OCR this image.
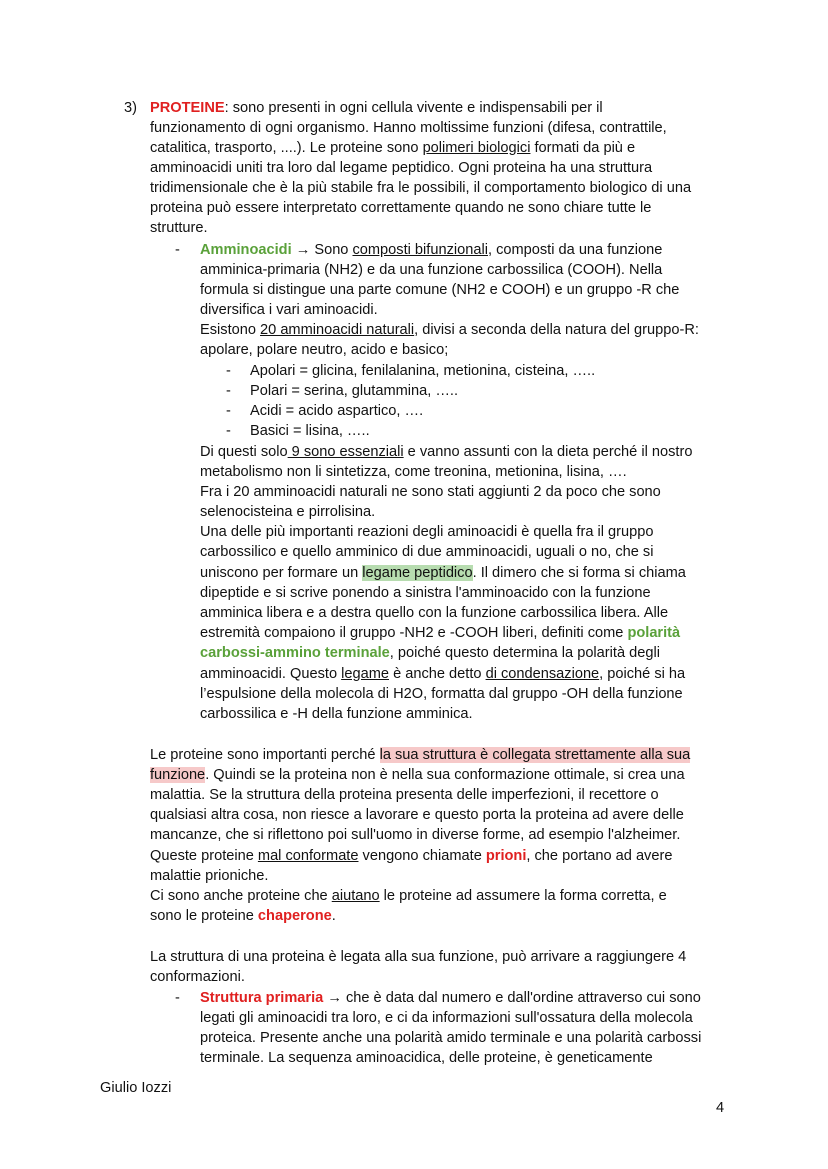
3) PROTEINE: sono presenti in ogni cellula vivente e indispensabili per il
funzionamento di ogni organismo. Hanno moltissime funzioni (difesa, contrattile,
catalitica, trasporto, ....). Le proteine sono polimeri biologici formati da più e
amminoacidi uniti tra loro dal legame peptidico. Ogni proteina ha una struttura
tridimensionale che è la più stabile fra le possibili, il comportamento biologico di una
proteina può essere interpretato correttamente quando ne sono chiare tutte le
strutture.
- Amminoacidi → Sono composti bifunzionali, composti da una funzione
amminica-primaria (NH2) e da una funzione carbossilica (COOH). Nella
formula si distingue una parte comune (NH2 e COOH) e un gruppo -R che
diversifica i vari aminoacidi.
Esistono 20 amminoacidi naturali, divisi a seconda della natura del gruppo-R:
apolare, polare neutro, acido e basico;
- Apolari = glicina, fenilalanina, metionina, cisteina, …..
- Polari = serina, glutammina, …..
- Acidi = acido aspartico, ….
- Basici = lisina, …..
Di questi solo 9 sono essenziali e vanno assunti con la dieta perché il nostro
metabolismo non li sintetizza, come treonina, metionina, lisina, ….
Fra i 20 amminoacidi naturali ne sono stati aggiunti 2 da poco che sono
selenocisteina e pirrolisina.
Una delle più importanti reazioni degli aminoacidi è quella fra il gruppo
carbossilico e quello amminico di due amminoacidi, uguali o no, che si
uniscono per formare un legame peptidico. Il dimero che si forma si chiama
dipeptide e si scrive ponendo a sinistra l'amminoacido con la funzione
amminica libera e a destra quello con la funzione carbossilica libera. Alle
estremità compaiono il gruppo -NH2 e -COOH liberi, definiti come polarità
carbossi-ammino terminale, poiché questo determina la polarità degli
amminoacidi. Questo legame è anche detto di condensazione, poiché si ha
l’espulsione della molecola di H2O, formatta dal gruppo -OH della funzione
carbossilica e -H della funzione amminica.
Le proteine sono importanti perché la sua struttura è collegata strettamente alla sua
funzione. Quindi se la proteina non è nella sua conformazione ottimale, si crea una
malattia. Se la struttura della proteina presenta delle imperfezioni, il recettore o
qualsiasi altra cosa, non riesce a lavorare e questo porta la proteina ad avere delle
mancanze, che si riflettono poi sull'uomo in diverse forme, ad esempio l'alzheimer.
Queste proteine mal conformate vengono chiamate prioni, che portano ad avere
malattie prioniche.
Ci sono anche proteine che aiutano le proteine ad assumere la forma corretta, e
sono le proteine chaperone.
La struttura di una proteina è legata alla sua funzione, può arrivare a raggiungere 4
conformazioni.
- Struttura primaria → che è data dal numero e dall'ordine attraverso cui sono
legati gli aminoacidi tra loro, e ci da informazioni sull'ossatura della molecola
proteica. Presente anche una polarità amido terminale e una polarità carbossi
terminale. La sequenza aminoacidica, delle proteine, è geneticamente
Giulio Iozzi
4
